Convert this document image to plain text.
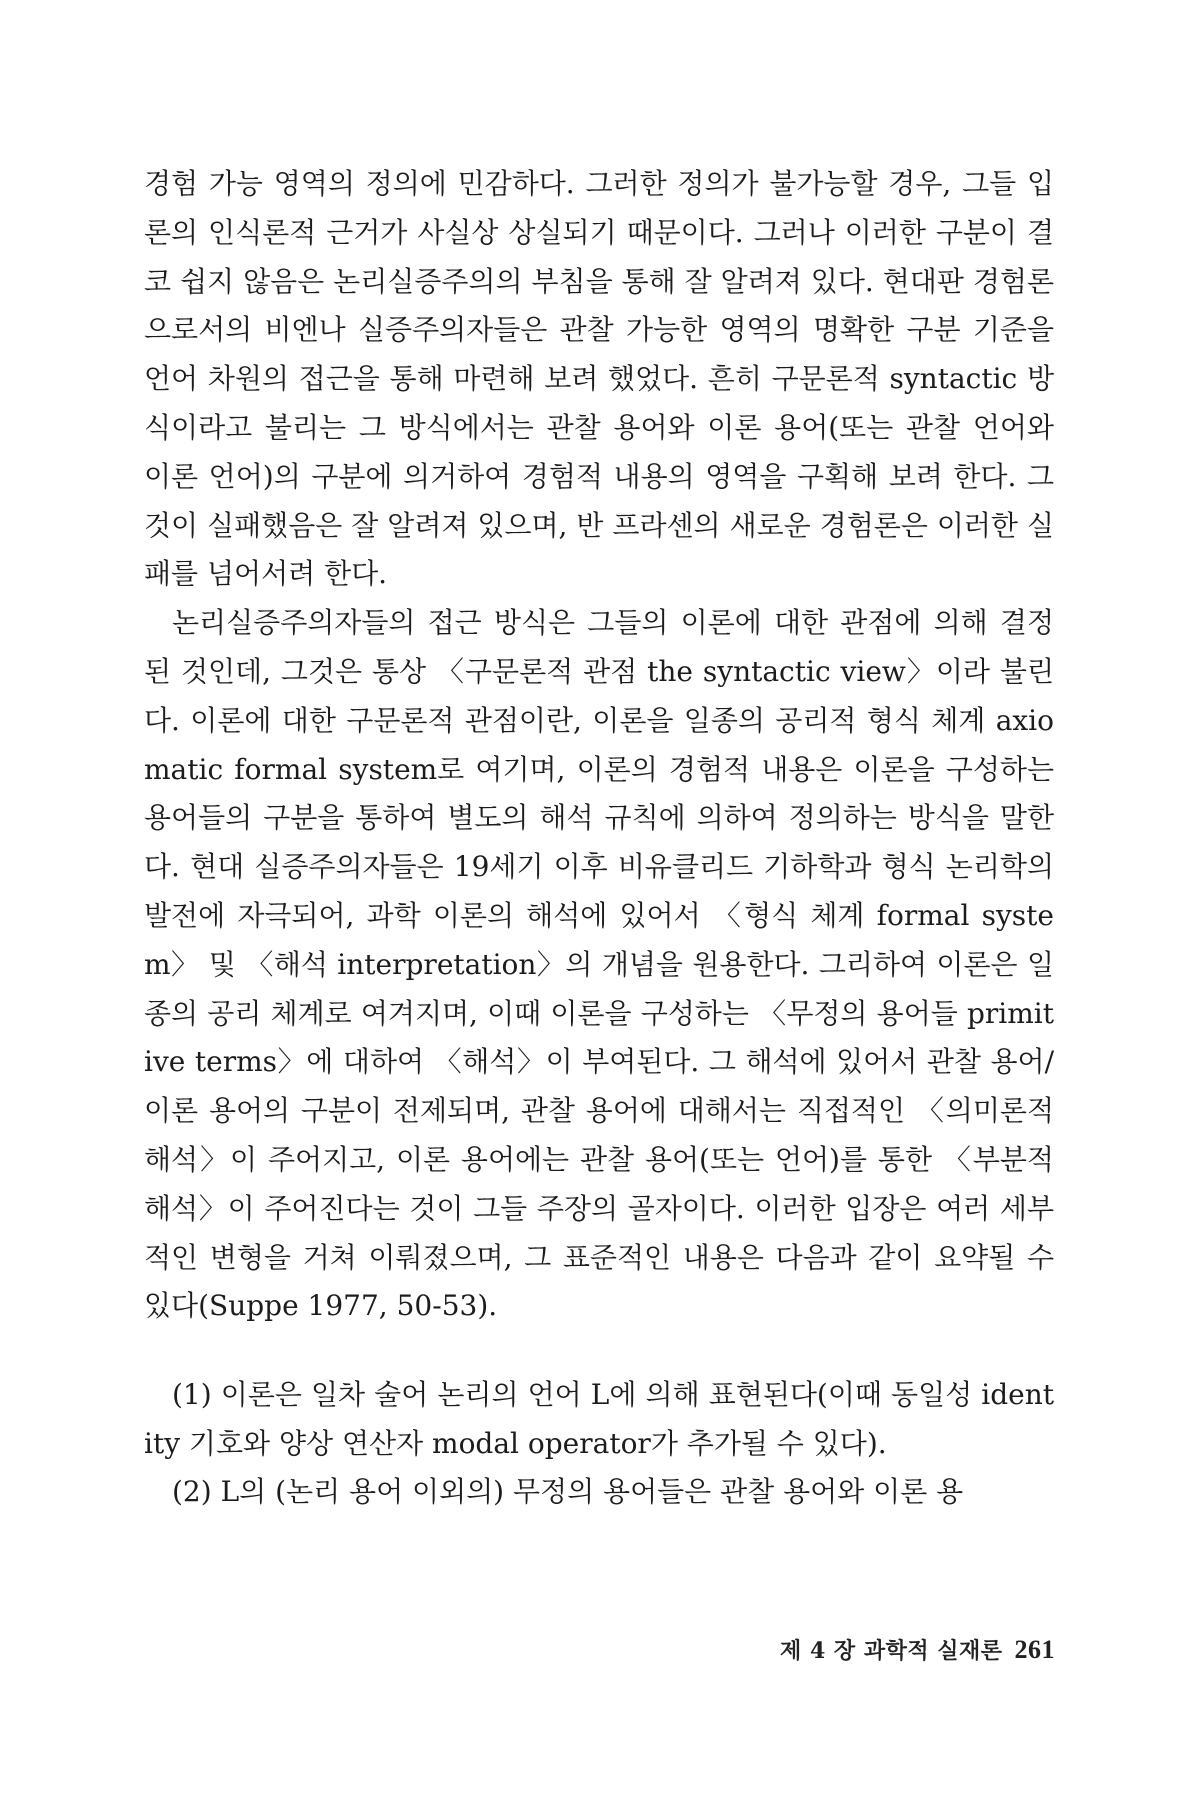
경험 가능 영역의 정의에 민감하다. 그러한 정의가 불가능할 경우, 그들 입론의 인식론적 근거가 사실상 상실되기 때문이다. 그러나 이러한 구분이 결코 쉽지 않음은 논리실증주의의 부침을 통해 잘 알려져 있다. 현대판 경험론으로서의 비엔나 실증주의자들은 관찰 가능한 영역의 명확한 구분 기준을 언어 차원의 접근을 통해 마련해 보려 했었다. 흔히 구문론적 syntactic 방식이라고 불리는 그 방식에서는 관찰 용어와 이론 용어(또는 관찰 언어와 이론 언어)의 구분에 의거하여 경험적 내용의 영역을 구획해 보려 한다. 그것이 실패했음은 잘 알려져 있으며, 반 프라센의 새로운 경험론은 이러한 실패를 넘어서려 한다.

논리실증주의자들의 접근 방식은 그들의 이론에 대한 관점에 의해 결정된 것인데, 그것은 통상 〈구문론적 관점 the syntactic view〉이라 불린다. 이론에 대한 구문론적 관점이란, 이론을 일종의 공리적 형식 체계 axiomatic formal system로 여기며, 이론의 경험적 내용은 이론을 구성하는 용어들의 구분을 통하여 별도의 해석 규칙에 의하여 정의하는 방식을 말한다. 현대 실증주의자들은 19세기 이후 비유클리드 기하학과 형식 논리학의 발전에 자극되어, 과학 이론의 해석에 있어서 〈형식 체계 formal system〉 및 〈해석 interpretation〉의 개념을 원용한다. 그리하여 이론은 일종의 공리 체계로 여겨지며, 이때 이론을 구성하는 〈무정의 용어들 primitive terms〉에 대하여 〈해석〉이 부여된다. 그 해석에 있어서 관찰 용어/이론 용어의 구분이 전제되며, 관찰 용어에 대해서는 직접적인 〈의미론적 해석〉이 주어지고, 이론 용어에는 관찰 용어(또는 언어)를 통한 〈부분적 해석〉이 주어진다는 것이 그들 주장의 골자이다. 이러한 입장은 여러 세부적인 변형을 거쳐 이뤄졌으며, 그 표준적인 내용은 다음과 같이 요약될 수 있다(Suppe 1977, 50-53).

(1) 이론은 일차 술어 논리의 언어 L에 의해 표현된다(이때 동일성 identity 기호와 양상 연산자 modal operator가 추가될 수 있다).

(2) L의 (논리 용어 이외의) 무정의 용어들은 관찰 용어와 이론 용

제 4 장 과학적 실재론 261
